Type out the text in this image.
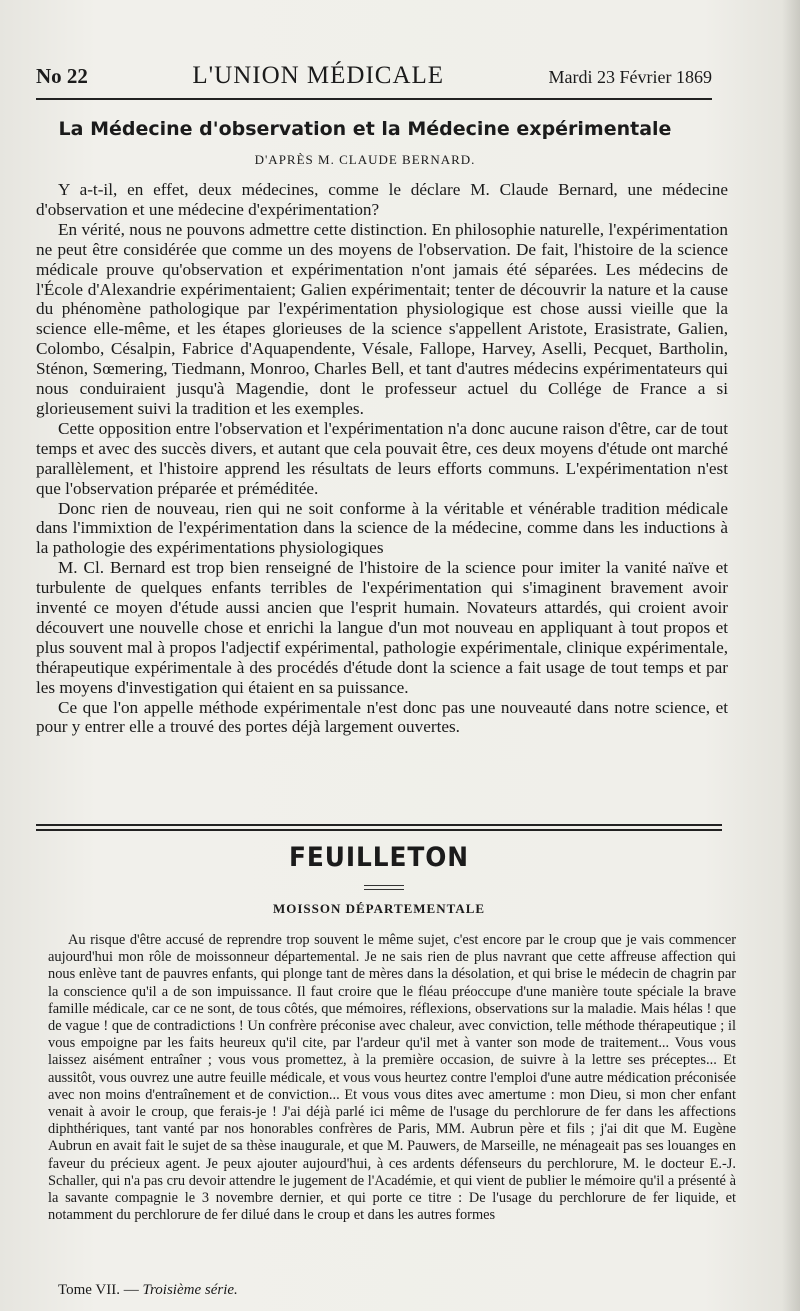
No 22	L'UNION MÉDICALE	Mardi 23 Février 1869
La Médecine d'observation et la Médecine expérimentale
D'APRÈS M. CLAUDE BERNARD.

Y a-t-il, en effet, deux médecines, comme le déclare M. Claude Bernard, une médecine d'observation et une médecine d'expérimentation?

En vérité, nous ne pouvons admettre cette distinction. En philosophie naturelle, l'expérimentation ne peut être considérée que comme un des moyens de l'observation. De fait, l'histoire de la science médicale prouve qu'observation et expérimentation n'ont jamais été séparées. Les médecins de l'École d'Alexandrie expérimentaient; Galien expérimentait; tenter de découvrir la nature et la cause du phénomène pathologique par l'expérimentation physiologique est chose aussi vieille que la science elle-même, et les étapes glorieuses de la science s'appellent Aristote, Erasistrate, Galien, Colombo, Césalpin, Fabrice d'Aquapendente, Vésale, Fallope, Harvey, Aselli, Pecquet, Bartholin, Sténon, Sœmering, Tiedmann, Monroo, Charles Bell, et tant d'autres médecins expérimentateurs qui nous conduiraient jusqu'à Magendie, dont le professeur actuel du Collége de France a si glorieusement suivi la tradition et les exemples.

Cette opposition entre l'observation et l'expérimentation n'a donc aucune raison d'être, car de tout temps et avec des succès divers, et autant que cela pouvait être, ces deux moyens d'étude ont marché parallèlement, et l'histoire apprend les résultats de leurs efforts communs. L'expérimentation n'est que l'observation préparée et préméditée.

Donc rien de nouveau, rien qui ne soit conforme à la véritable et vénérable tradition médicale dans l'immixtion de l'expérimentation dans la science de la médecine, comme dans les inductions à la pathologie des expérimentations physiologiques

M. Cl. Bernard est trop bien renseigné de l'histoire de la science pour imiter la vanité naïve et turbulente de quelques enfants terribles de l'expérimentation qui s'imaginent bravement avoir inventé ce moyen d'étude aussi ancien que l'esprit humain. Novateurs attardés, qui croient avoir découvert une nouvelle chose et enrichi la langue d'un mot nouveau en appliquant à tout propos et plus souvent mal à propos l'adjectif expérimental, pathologie expérimentale, clinique expérimentale, thérapeutique expérimentale à des procédés d'étude dont la science a fait usage de tout temps et par les moyens d'investigation qui étaient en sa puissance.

Ce que l'on appelle méthode expérimentale n'est donc pas une nouveauté dans notre science, et pour y entrer elle a trouvé des portes déjà largement ouvertes.

FEUILLETON
MOISSON DÉPARTEMENTALE

Au risque d'être accusé de reprendre trop souvent le même sujet, c'est encore par le croup que je vais commencer aujourd'hui mon rôle de moissonneur départemental. Je ne sais rien de plus navrant que cette affreuse affection qui nous enlève tant de pauvres enfants, qui plonge tant de mères dans la désolation, et qui brise le médecin de chagrin par la conscience qu'il a de son impuissance. Il faut croire que le fléau préoccupe d'une manière toute spéciale la brave famille médicale, car ce ne sont, de tous côtés, que mémoires, réflexions, observations sur la maladie. Mais hélas ! que de vague ! que de contradictions ! Un confrère préconise avec chaleur, avec conviction, telle méthode thérapeutique ; il vous empoigne par les faits heureux qu'il cite, par l'ardeur qu'il met à vanter son mode de traitement... Vous vous laissez aisément entraîner ; vous vous promettez, à la première occasion, de suivre à la lettre ses préceptes... Et aussitôt, vous ouvrez une autre feuille médicale, et vous vous heurtez contre l'emploi d'une autre médication préconisée avec non moins d'entraînement et de conviction... Et vous vous dites avec amertume : mon Dieu, si mon cher enfant venait à avoir le croup, que ferais-je ! J'ai déjà parlé ici même de l'usage du perchlorure de fer dans les affections diphthériques, tant vanté par nos honorables confrères de Paris, MM. Aubrun père et fils ; j'ai dit que M. Eugène Aubrun en avait fait le sujet de sa thèse inaugurale, et que M. Pauwers, de Marseille, ne ménageait pas ses louanges en faveur du précieux agent. Je peux ajouter aujourd'hui, à ces ardents défenseurs du perchlorure, M. le docteur E.-J. Schaller, qui n'a pas cru devoir attendre le jugement de l'Académie, et qui vient de publier le mémoire qu'il a présenté à la savante compagnie le 3 novembre dernier, et qui porte ce titre : De l'usage du perchlorure de fer liquide, et notamment du perchlorure de fer dilué dans le croup et dans les autres formes

Tome VII. — Troisième série.
